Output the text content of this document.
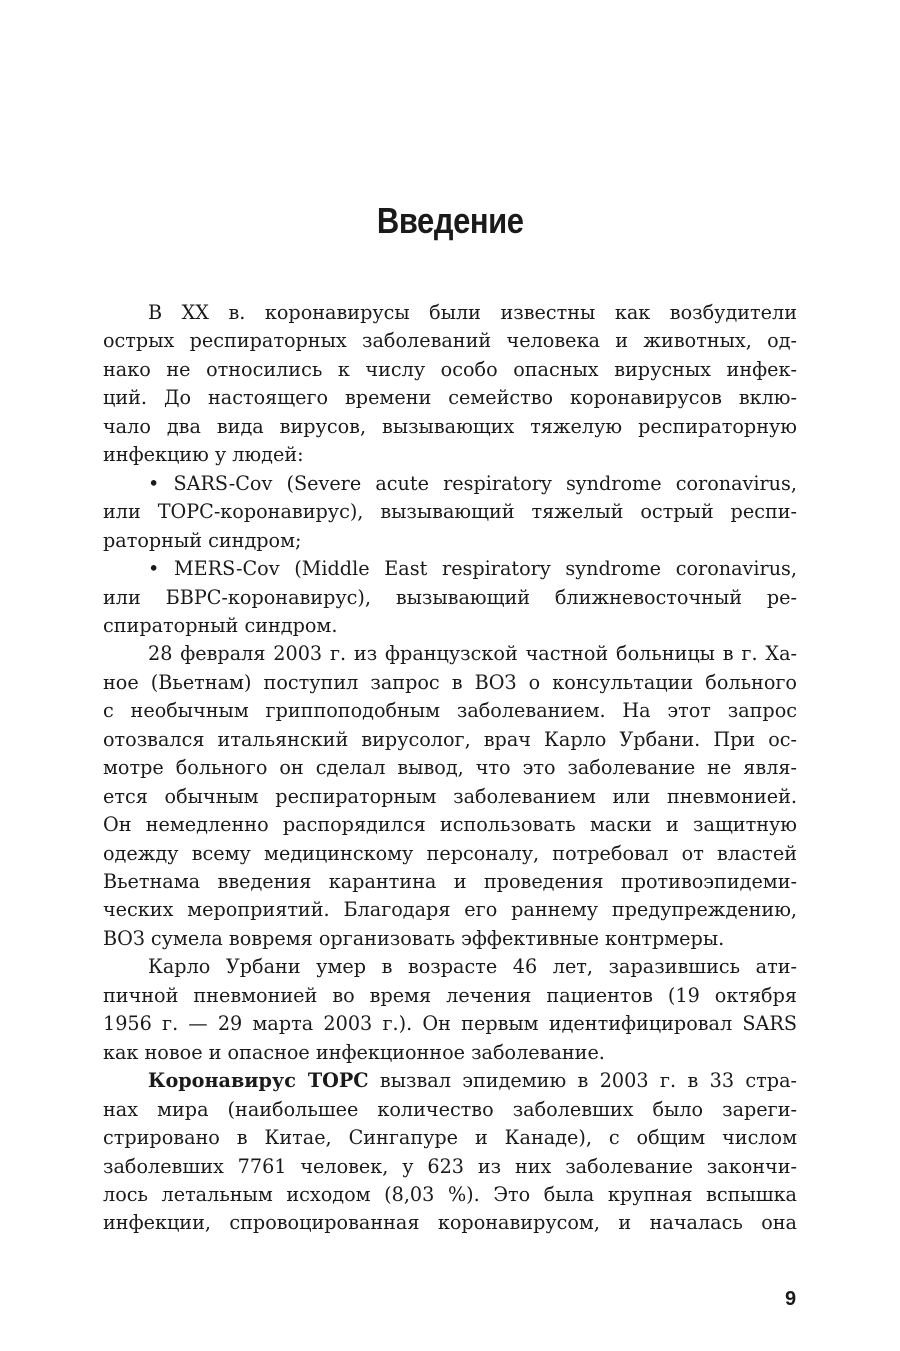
Введение
В XX в. коронавирусы были известны как возбудители
острых респираторных заболеваний человека и животных, од-
нако не относились к числу особо опасных вирусных инфек-
ций. До настоящего времени семейство коронавирусов вклю-
чало два вида вирусов, вызывающих тяжелую респираторную
инфекцию у людей:
• SARS-Cov (Severe acute respiratory syndrome coronavirus,
или ТОРС-коронавирус), вызывающий тяжелый острый респи-
раторный синдром;
• MERS-Cov (Middle East respiratory syndrome coronavirus,
или БВРС-коронавирус), вызывающий ближневосточный ре-
спираторный синдром.
28 февраля 2003 г. из французской частной больницы в г. Ха-
ное (Вьетнам) поступил запрос в ВОЗ о консультации больного
с необычным гриппоподобным заболеванием. На этот запрос
отозвался итальянский вирусолог, врач Карло Урбани. При ос-
мотре больного он сделал вывод, что это заболевание не явля-
ется обычным респираторным заболеванием или пневмонией.
Он немедленно распорядился использовать маски и защитную
одежду всему медицинскому персоналу, потребовал от властей
Вьетнама введения карантина и проведения противоэпидеми-
ческих мероприятий. Благодаря его раннему предупреждению,
ВОЗ сумела вовремя организовать эффективные контрмеры.
Карло Урбани умер в возрасте 46 лет, заразившись ати-
пичной пневмонией во время лечения пациентов (19 октября
1956 г. — 29 марта 2003 г.). Он первым идентифицировал SARS
как новое и опасное инфекционное заболевание.
Коронавирус ТОРС вызвал эпидемию в 2003 г. в 33 стра-
нах мира (наибольшее количество заболевших было зареги-
стрировано в Китае, Сингапуре и Канаде), с общим числом
заболевших 7761 человек, у 623 из них заболевание закончи-
лось летальным исходом (8,03 %). Это была крупная вспышка
инфекции, спровоцированная коронавирусом, и началась она
9
